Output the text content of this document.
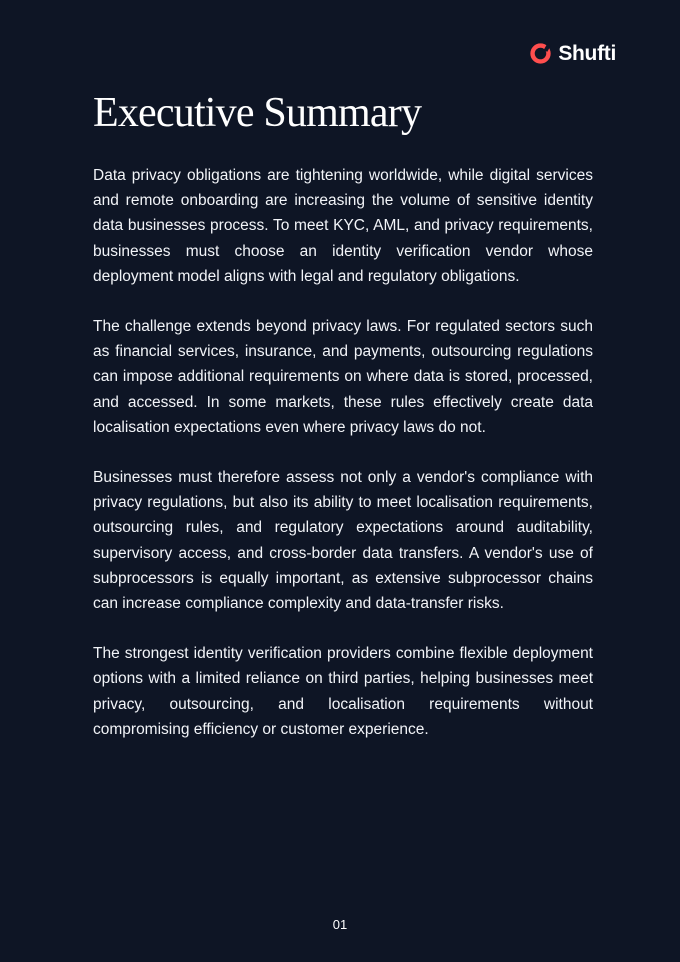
Shufti
Executive Summary

Data privacy obligations are tightening worldwide, while digital services and remote onboarding are increasing the volume of sensitive identity data businesses process. To meet KYC, AML, and privacy requirements, businesses must choose an identity verification vendor whose deployment model aligns with legal and regulatory obligations.

The challenge extends beyond privacy laws. For regulated sectors such as financial services, insurance, and payments, outsourcing regulations can impose additional requirements on where data is stored, processed, and accessed. In some markets, these rules effectively create data localisation expectations even where privacy laws do not.

Businesses must therefore assess not only a vendor's compliance with privacy regulations, but also its ability to meet localisation requirements, outsourcing rules, and regulatory expectations around auditability, supervisory access, and cross-border data transfers. A vendor's use of subprocessors is equally important, as extensive subprocessor chains can increase compliance complexity and data-transfer risks.

The strongest identity verification providers combine flexible deployment options with a limited reliance on third parties, helping businesses meet privacy, outsourcing, and localisation requirements without compromising efficiency or customer experience.

01
